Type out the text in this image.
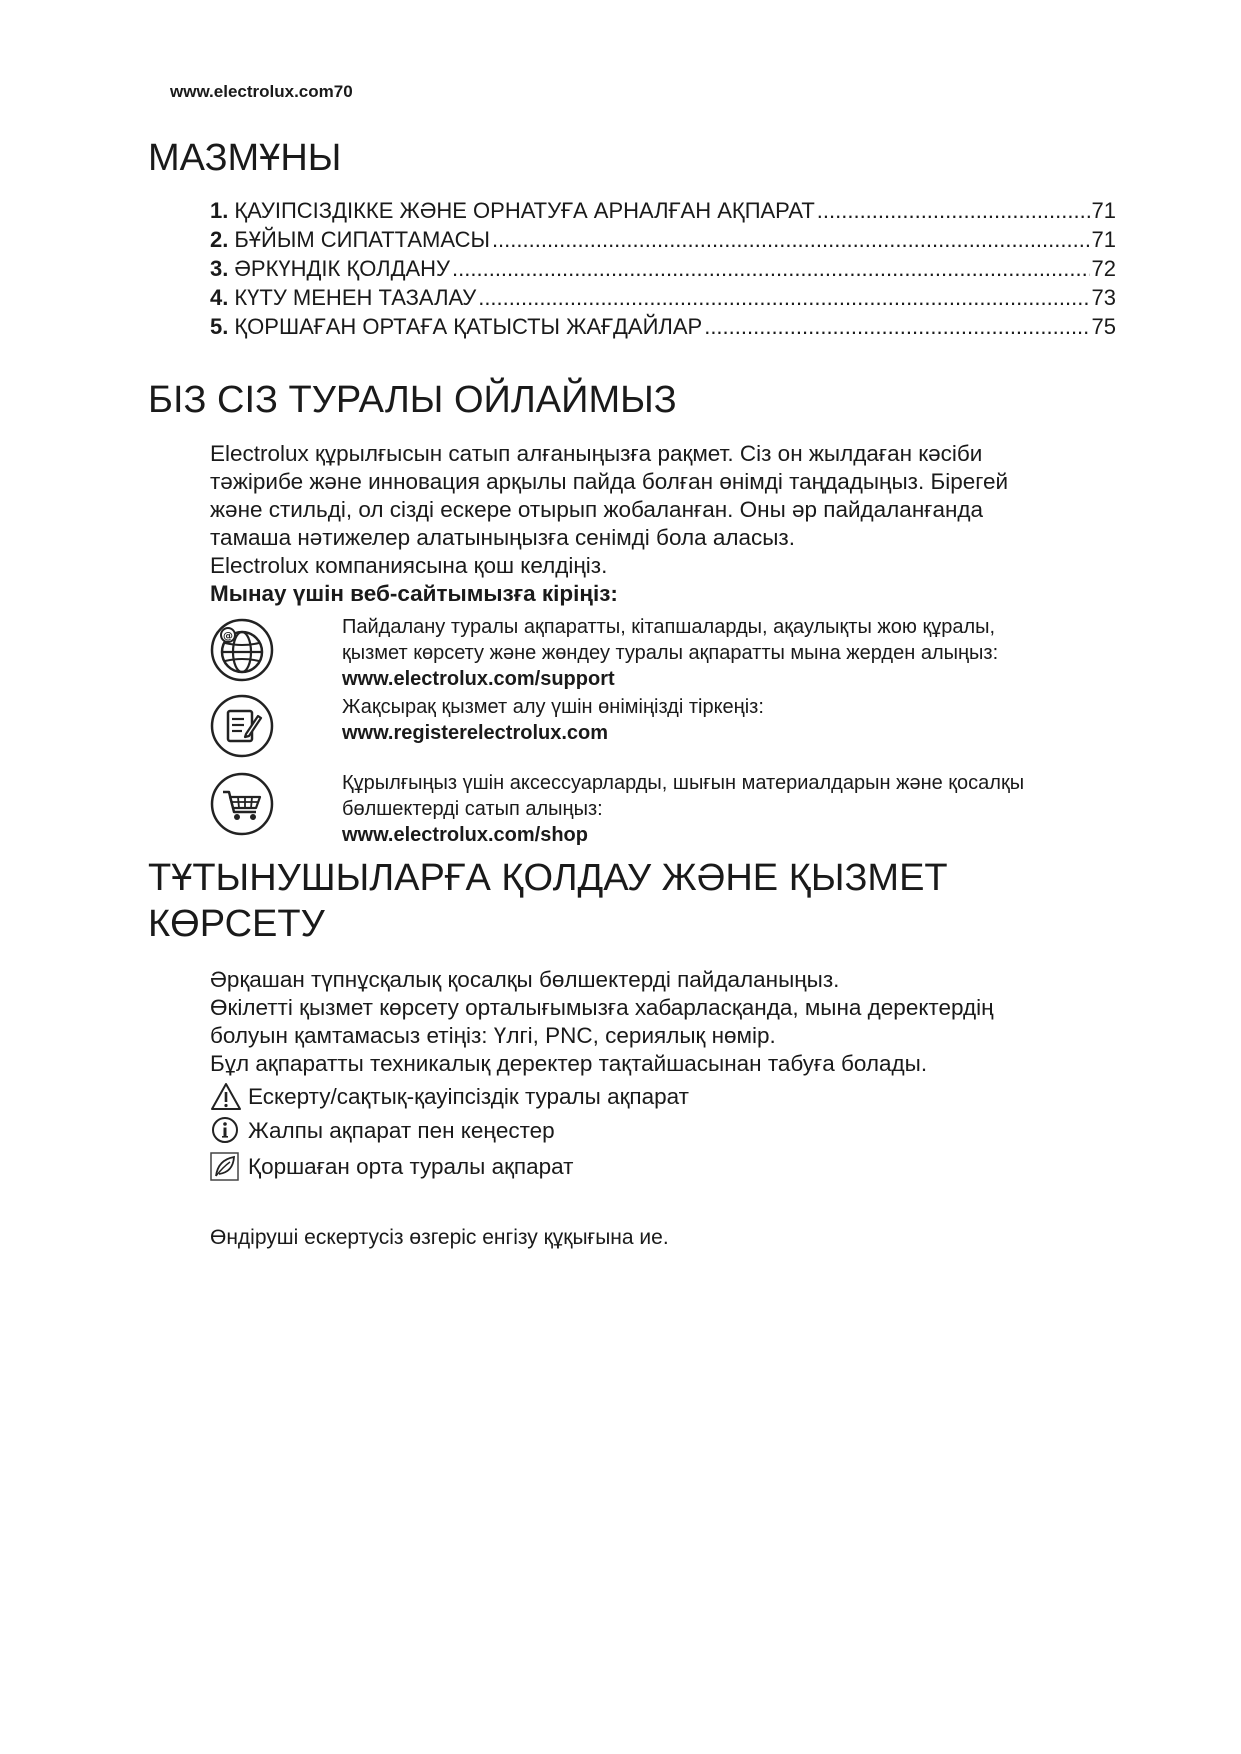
www.electrolux.com70
МАЗМҰНЫ
1. ҚАУІПСІЗДІККЕ ЖӘНЕ ОРНАТУҒА АРНАЛҒАН АҚПАРАТ .....	71
2. БҰЙЫМ СИПАТТАМАСЫ .....	71
3. ӘРКҮНДІК ҚОЛДАНУ .....	72
4. КҮТУ МЕНЕН ТАЗАЛАУ .....	73
5. ҚОРШАҒАН ОРТАҒА ҚАТЫСТЫ ЖАҒДАЙЛАР .....	75
БІЗ СІЗ ТУРАЛЫ ОЙЛАЙМЫЗ

Electrolux құрылғысын сатып алғаныңызға рақмет. Сіз он жылдаған кәсіби

тәжірибе және инновация арқылы пайда болған өнімді таңдадыңыз. Бірегей

және стильді, ол сізді ескере отырып жобаланған. Оны әр пайдаланғанда

тамаша нәтижелер алатыныңызға сенімді бола аласыз.

Electrolux компаниясына қош келдіңіз.

Мынау үшін веб-сайтымызға кіріңіз:

@	Пайдалану туралы ақпаратты, кітапшаларды, ақаулықты жою құралы,

қызмет көрсету және жөндеу туралы ақпаратты мына жерден алыңыз:

www.electrolux.com/support

Жақсырақ қызмет алу үшін өніміңізді тіркеңіз:

www.registerelectrolux.com

Құрылғыңыз үшін аксессуарларды, шығын материалдарын және қосалқы

бөлшектерді сатып алыңыз:

www.electrolux.com/shop

ТҰТЫНУШЫЛАРҒА ҚОЛДАУ ЖӘНЕ ҚЫЗМЕТ
КӨРСЕТУ

Әрқашан түпнұсқалық қосалқы бөлшектерді пайдаланыңыз.

Өкілетті қызмет көрсету орталығымызға хабарласқанда, мына деректердің

болуын қамтамасыз етіңіз: Үлгі, PNC, сериялық нөмір.

Бұл ақпаратты техникалық деректер тақтайшасынан табуға болады.

Ескерту/сақтық-қауіпсіздік туралы ақпарат
Жалпы ақпарат пен кеңестер
Қоршаған орта туралы ақпарат
Өндіруші ескертусіз өзгеріс енгізу құқығына ие.
